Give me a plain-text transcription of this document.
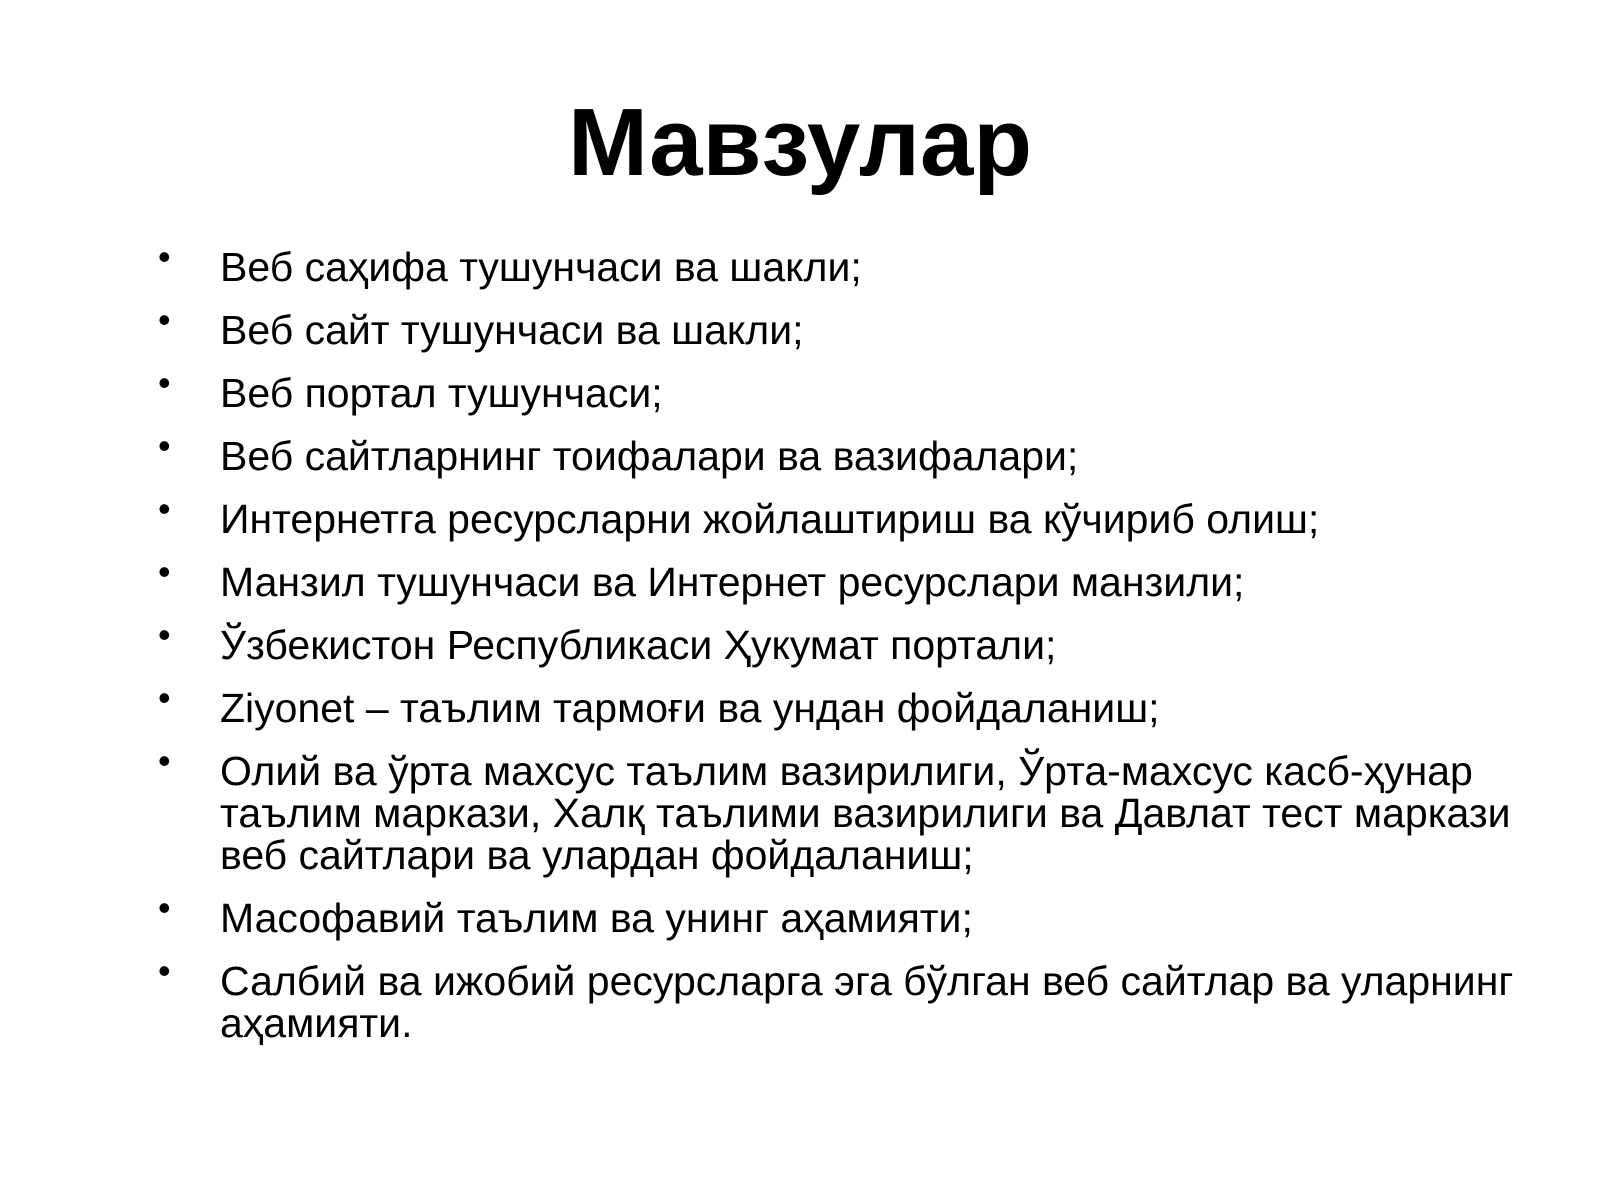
Мавзулар
• Веб саҳифа тушунчаси ва шакли;
• Веб сайт тушунчаси ва шакли;
• Веб портал тушунчаси;
• Веб сайтларнинг тоифалари ва вазифалари;
• Интернетга ресурсларни жойлаштириш ва кўчириб олиш;
• Манзил тушунчаси ва Интернет ресурслари манзили;
• Ўзбекистон Республикаси Ҳукумат портали;
• Ziyonet – таълим тармоғи ва ундан фойдаланиш;
• Олий ва ўрта махсус таълим вазирилиги, Ўрта-махсус касб-ҳунар таълим маркази, Халқ таълими вазирилиги ва Давлат тест маркази веб сайтлари ва улардан фойдаланиш;
• Масофавий таълим ва унинг аҳамияти;
• Салбий ва ижобий ресурсларга эга бўлган веб сайтлар ва уларнинг аҳамияти.
